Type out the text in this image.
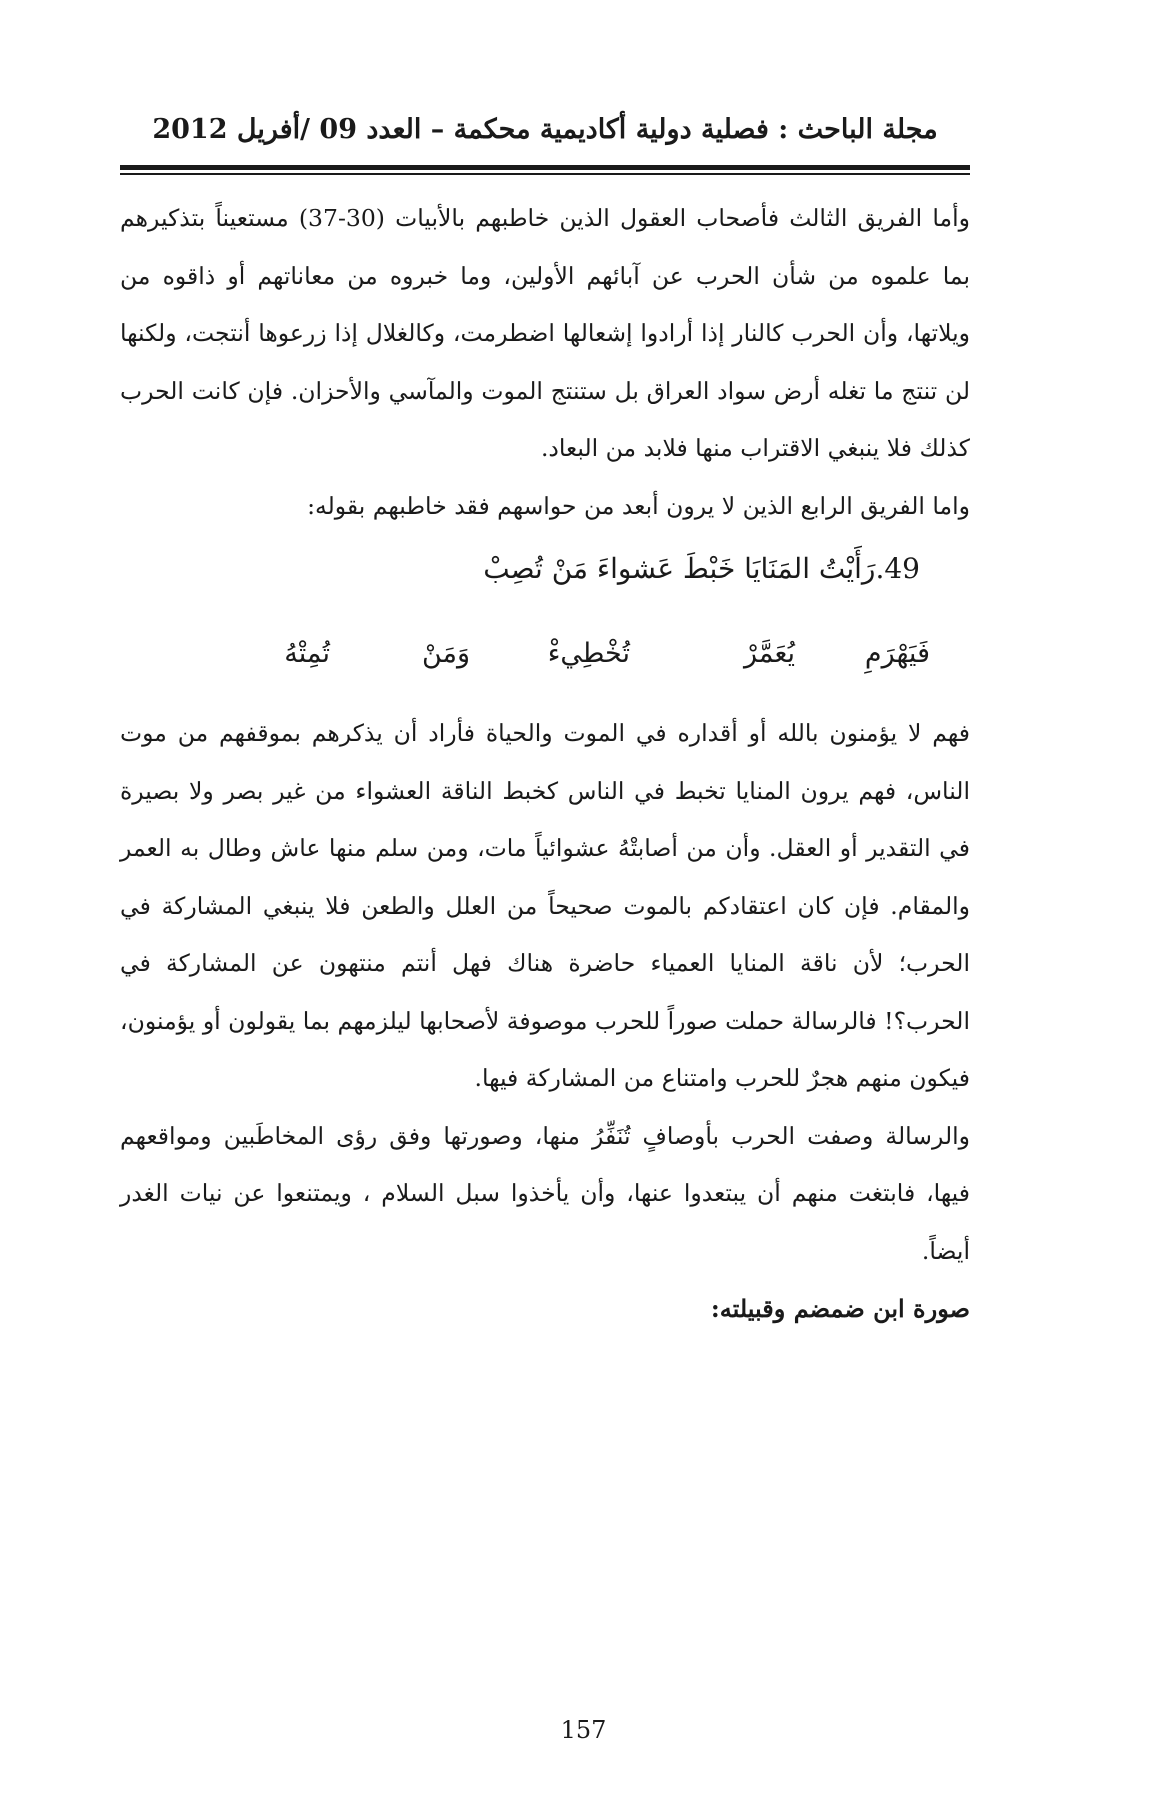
مجلة الباحث : فصلية دولية أكاديمية محكمة – العدد 09 /أفريل 2012

وأما الفريق الثالث فأصحاب العقول الذين خاطبهم بالأبيات (30-37) مستعيناً بتذكيرهم بما علموه من شأن الحرب عن آبائهم الأولين، وما خبروه من معاناتهم أو ذاقوه من ويلاتها، وأن الحرب كالنار إذا أرادوا إشعالها اضطرمت، وكالغلال إذا زرعوها أنتجت، ولكنها لن تنتج ما تغله أرض سواد العراق بل ستنتج الموت والمآسي والأحزان. فإن كانت الحرب كذلك فلا ينبغي الاقتراب منها فلابد من البعاد.

واما الفريق الرابع الذين لا يرون أبعد من حواسهم فقد خاطبهم بقوله:

49.رَأَيْتُ المَنَايَا خَبْطَ عَشواءَ مَنْ تُصِبْ
فَيَهْرَمِ
يُعَمَّرْ
تُخْطِيءْ
وَمَنْ
تُمِتْهُ

فهم لا يؤمنون بالله أو أقداره في الموت والحياة فأراد أن يذكرهم بموقفهم من موت الناس، فهم يرون المنايا تخبط في الناس كخبط الناقة العشواء من غير بصر ولا بصيرة في التقدير أو العقل. وأن من أصابتْهُ عشوائياً مات، ومن سلم منها عاش وطال به العمر والمقام. فإن كان اعتقادكم بالموت صحيحاً من العلل والطعن فلا ينبغي المشاركة في الحرب؛ لأن ناقة المنايا العمياء حاضرة هناك فهل أنتم منتهون عن المشاركة في الحرب؟! فالرسالة حملت صوراً للحرب موصوفة لأصحابها ليلزمهم بما يقولون أو يؤمنون، فيكون منهم هجرٌ للحرب وامتناع من المشاركة فيها.

والرسالة وصفت الحرب بأوصافٍ تُنَفِّرُ منها، وصورتها وفق رؤى المخاطَبين ومواقعهم فيها، فابتغت منهم أن يبتعدوا عنها، وأن يأخذوا سبل السلام ، ويمتنعوا عن نيات الغدر أيضاً.

صورة ابن ضمضم وقبيلته:

157
